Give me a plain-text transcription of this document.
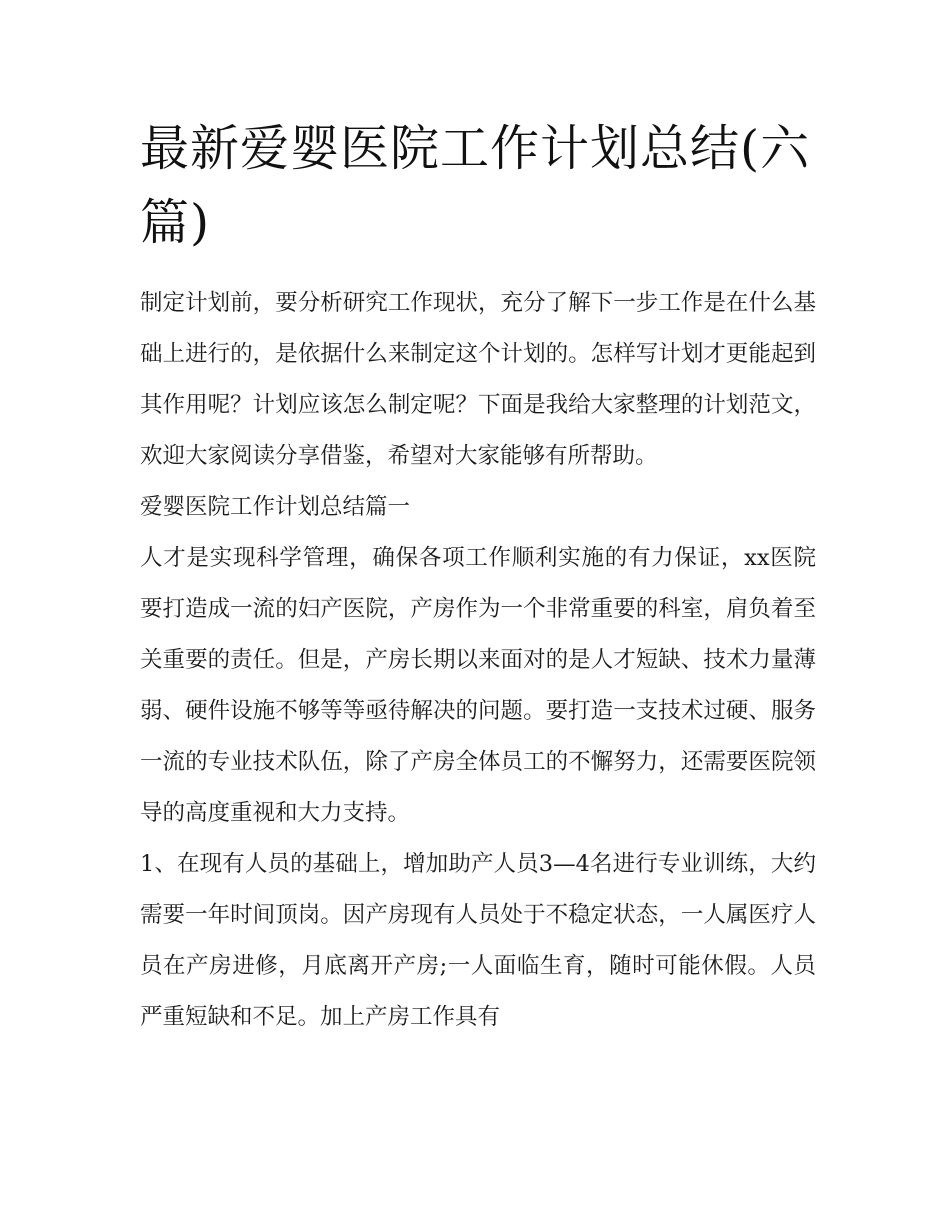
最新爱婴医院工作计划总结(六篇)

制定计划前，要分析研究工作现状，充分了解下一步工作是在什么基础上进行的，是依据什么来制定这个计划的。怎样写计划才更能起到其作用呢？计划应该怎么制定呢？下面是我给大家整理的计划范文，欢迎大家阅读分享借鉴，希望对大家能够有所帮助。

爱婴医院工作计划总结篇一

人才是实现科学管理，确保各项工作顺利实施的有力保证，xx医院要打造成一流的妇产医院，产房作为一个非常重要的科室，肩负着至关重要的责任。但是，产房长期以来面对的是人才短缺、技术力量薄弱、硬件设施不够等等亟待解决的问题。要打造一支技术过硬、服务一流的专业技术队伍，除了产房全体员工的不懈努力，还需要医院领导的高度重视和大力支持。

1、在现有人员的基础上，增加助产人员3—4名进行专业训练，大约需要一年时间顶岗。因产房现有人员处于不稳定状态，一人属医疗人员在产房进修，月底离开产房;一人面临生育，随时可能休假。人员严重短缺和不足。加上产房工作具有
